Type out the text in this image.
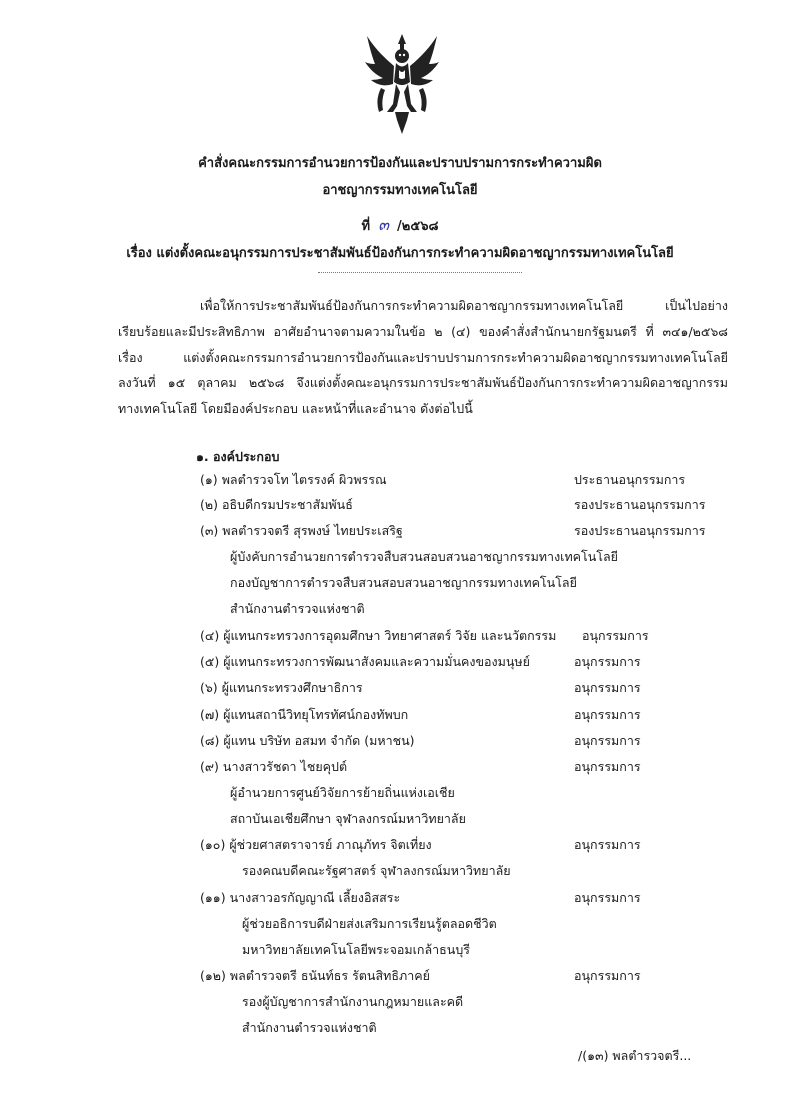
คำสั่งคณะกรรมการอำนวยการป้องกันและปราบปรามการกระทำความผิด
อาชญากรรมทางเทคโนโลยี
ที่ ๓ /๒๕๖๘
เรื่อง แต่งตั้งคณะอนุกรรมการประชาสัมพันธ์ป้องกันการกระทำความผิดอาชญากรรมทางเทคโนโลยี
เพื่อให้การประชาสัมพันธ์ป้องกันการกระทำความผิดอาชญากรรมทางเทคโนโลยี	เป็นไปอย่าง
เรียบร้อยและมีประสิทธิภาพ อาศัยอำนาจตามความในข้อ ๒ (๔) ของคำสั่งสำนักนายกรัฐมนตรี ที่ ๓๔๑/๒๕๖๘
เรื่อง	แต่งตั้งคณะกรรมการอำนวยการป้องกันและปราบปรามการกระทำความผิดอาชญากรรมทางเทคโนโลยี
ลงวันที่ ๑๕ ตุลาคม ๒๕๖๘ จึงแต่งตั้งคณะอนุกรรมการประชาสัมพันธ์ป้องกันการกระทำความผิดอาชญากรรม
ทางเทคโนโลยี โดยมีองค์ประกอบ และหน้าที่และอำนาจ ดังต่อไปนี้
๑. องค์ประกอบ
(๑) พลตำรวจโท ไตรรงค์ ผิวพรรณ	ประธานอนุกรรมการ
(๒) อธิบดีกรมประชาสัมพันธ์	รองประธานอนุกรรมการ
(๓) พลตำรวจตรี สุรพงษ์ ไทยประเสริฐ	รองประธานอนุกรรมการ
ผู้บังคับการอำนวยการตำรวจสืบสวนสอบสวนอาชญากรรมทางเทคโนโลยี
กองบัญชาการตำรวจสืบสวนสอบสวนอาชญากรรมทางเทคโนโลยี
สำนักงานตำรวจแห่งชาติ
(๔) ผู้แทนกระทรวงการอุดมศึกษา วิทยาศาสตร์ วิจัย และนวัตกรรม อนุกรรมการ
(๕) ผู้แทนกระทรวงการพัฒนาสังคมและความมั่นคงของมนุษย์	อนุกรรมการ
(๖) ผู้แทนกระทรวงศึกษาธิการ	อนุกรรมการ
(๗) ผู้แทนสถานีวิทยุโทรทัศน์กองทัพบก	อนุกรรมการ
(๘) ผู้แทน บริษัท อสมท จำกัด (มหาชน)	อนุกรรมการ
(๙) นางสาวรัชดา ไชยคุปต์	อนุกรรมการ
ผู้อำนวยการศูนย์วิจัยการย้ายถิ่นแห่งเอเชีย
สถาบันเอเชียศึกษา จุฬาลงกรณ์มหาวิทยาลัย
(๑๐) ผู้ช่วยศาสตราจารย์ ภาณุภัทร จิตเที่ยง	อนุกรรมการ
รองคณบดีคณะรัฐศาสตร์ จุฬาลงกรณ์มหาวิทยาลัย
(๑๑) นางสาวอรกัญญาณี เลี้ยงอิสสระ	อนุกรรมการ
ผู้ช่วยอธิการบดีฝ่ายส่งเสริมการเรียนรู้ตลอดชีวิต
มหาวิทยาลัยเทคโนโลยีพระจอมเกล้าธนบุรี
(๑๒) พลตำรวจตรี ธนันท์ธร รัตนสิทธิภาคย์	อนุกรรมการ
รองผู้บัญชาการสำนักงานกฎหมายและคดี
สำนักงานตำรวจแห่งชาติ
/(๑๓) พลตำรวจตรี...
